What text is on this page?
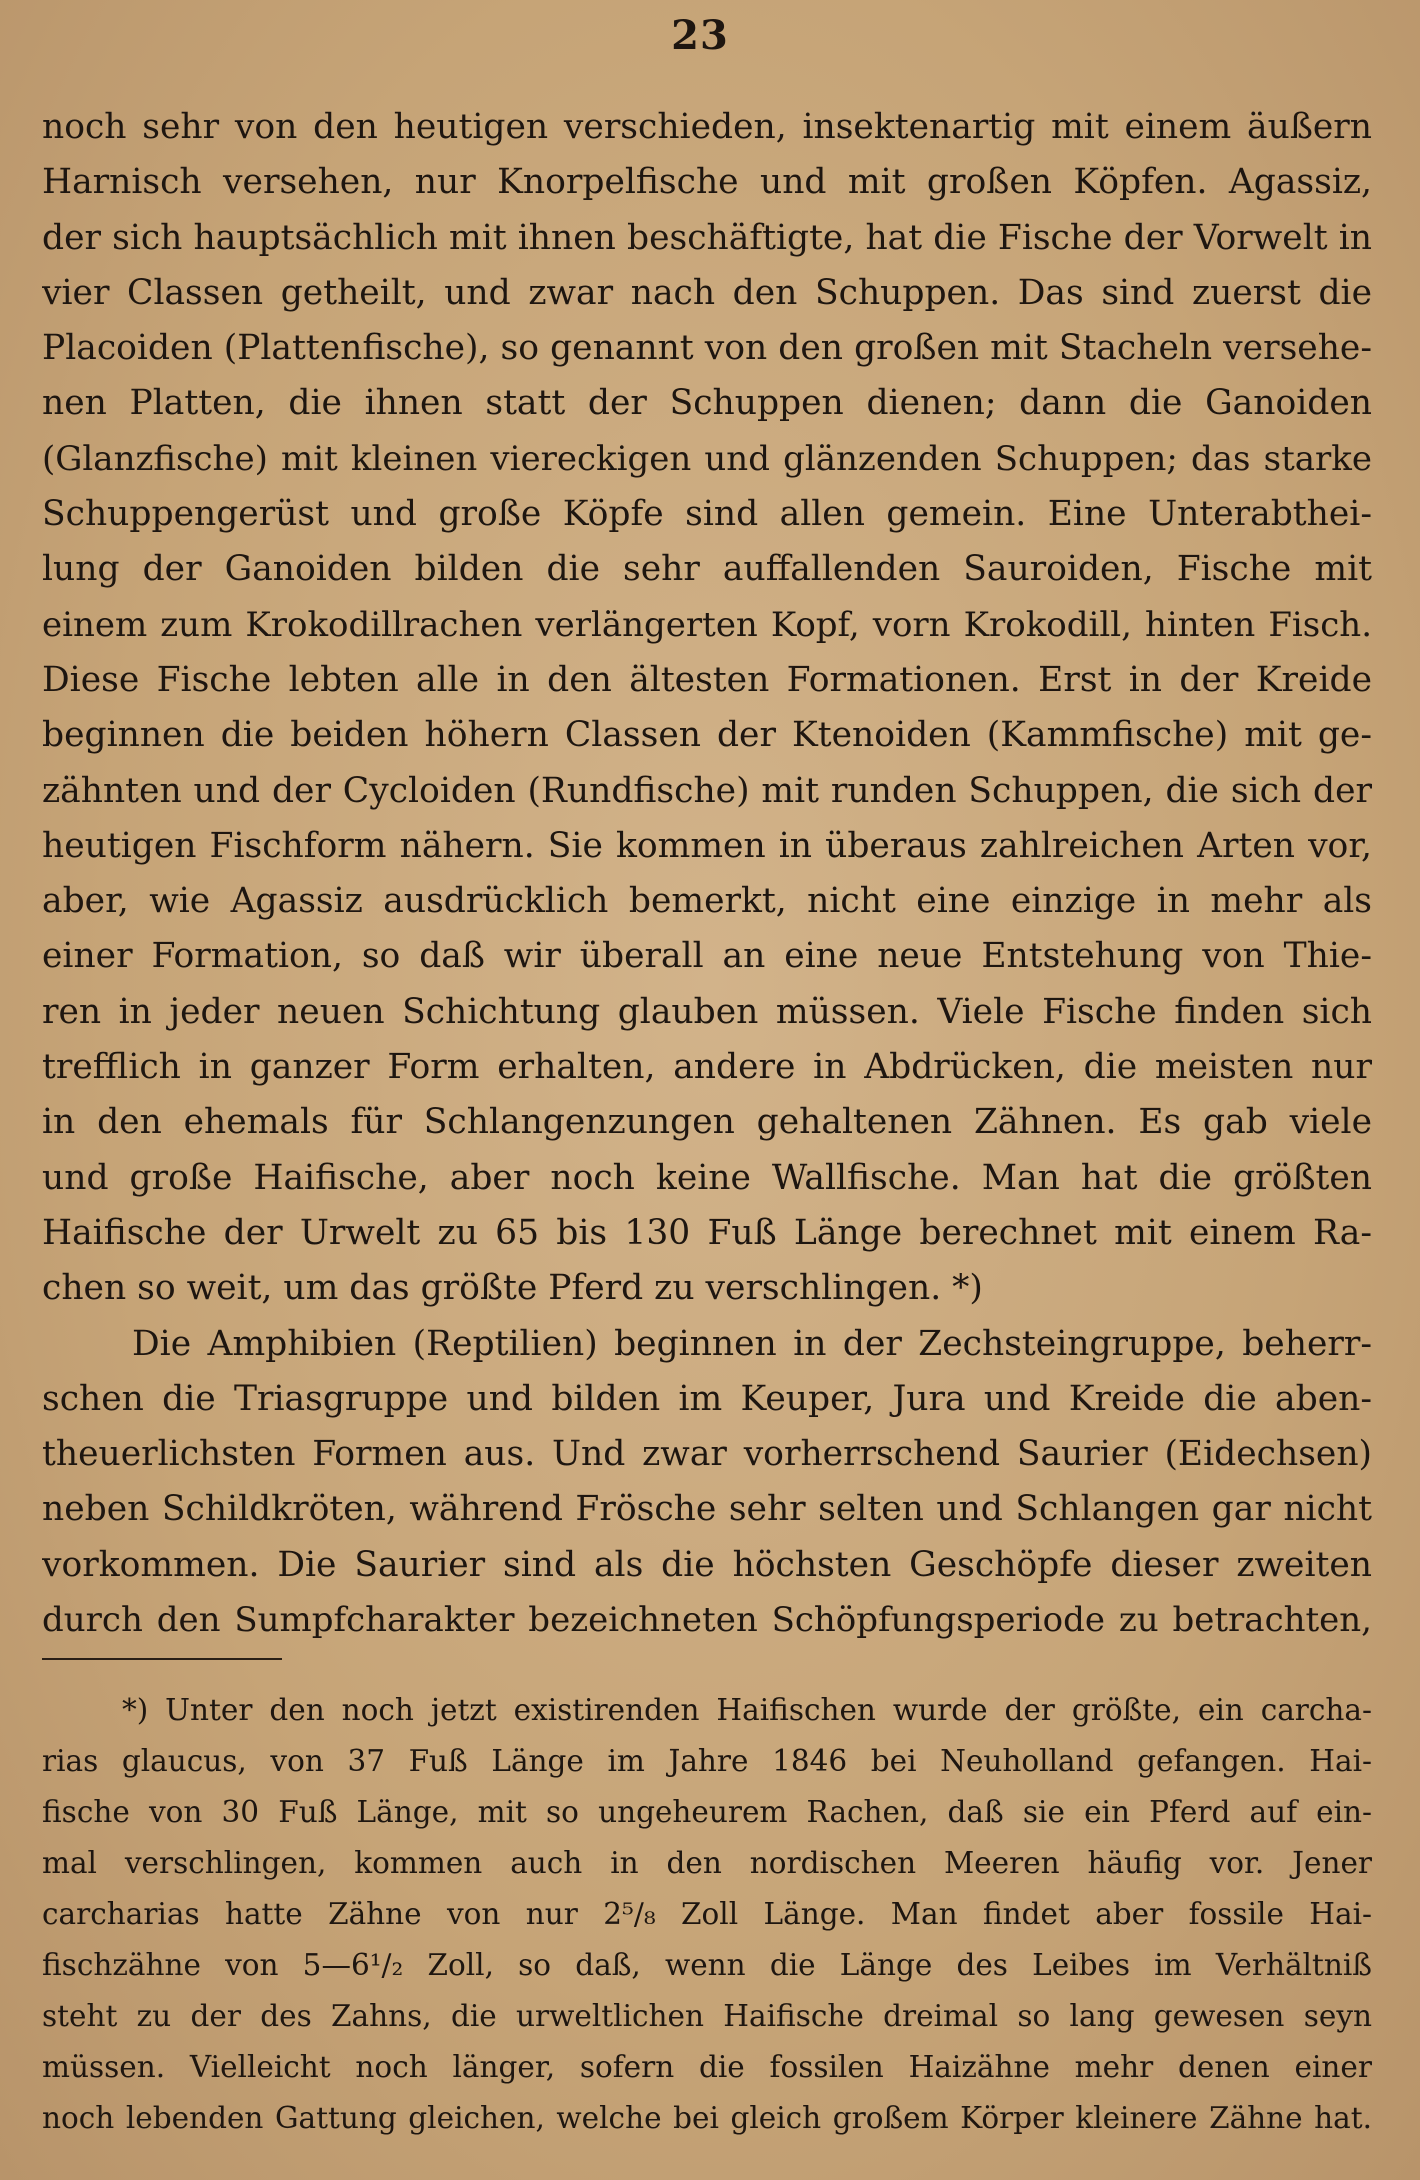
23
noch sehr von den heutigen verschieden, insektenartig mit einem äußern
Harnisch versehen, nur Knorpelfische und mit großen Köpfen. Agassiz,
der sich hauptsächlich mit ihnen beschäftigte, hat die Fische der Vorwelt in
vier Classen getheilt, und zwar nach den Schuppen. Das sind zuerst die
Placoiden (Plattenfische), so genannt von den großen mit Stacheln versehe-
nen Platten, die ihnen statt der Schuppen dienen; dann die Ganoiden
(Glanzfische) mit kleinen viereckigen und glänzenden Schuppen; das starke
Schuppengerüst und große Köpfe sind allen gemein. Eine Unterabthei-
lung der Ganoiden bilden die sehr auffallenden Sauroiden, Fische mit
einem zum Krokodillrachen verlängerten Kopf, vorn Krokodill, hinten Fisch.
Diese Fische lebten alle in den ältesten Formationen. Erst in der Kreide
beginnen die beiden höhern Classen der Ktenoiden (Kammfische) mit ge-
zähnten und der Cycloiden (Rundfische) mit runden Schuppen, die sich der
heutigen Fischform nähern. Sie kommen in überaus zahlreichen Arten vor,
aber, wie Agassiz ausdrücklich bemerkt, nicht eine einzige in mehr als
einer Formation, so daß wir überall an eine neue Entstehung von Thie-
ren in jeder neuen Schichtung glauben müssen. Viele Fische finden sich
trefflich in ganzer Form erhalten, andere in Abdrücken, die meisten nur
in den ehemals für Schlangenzungen gehaltenen Zähnen. Es gab viele
und große Haifische, aber noch keine Wallfische. Man hat die größten
Haifische der Urwelt zu 65 bis 130 Fuß Länge berechnet mit einem Ra-
chen so weit, um das größte Pferd zu verschlingen. *)
Die Amphibien (Reptilien) beginnen in der Zechsteingruppe, beherr-
schen die Triasgruppe und bilden im Keuper, Jura und Kreide die aben-
theuerlichsten Formen aus. Und zwar vorherrschend Saurier (Eidechsen)
neben Schildkröten, während Frösche sehr selten und Schlangen gar nicht
vorkommen. Die Saurier sind als die höchsten Geschöpfe dieser zweiten
durch den Sumpfcharakter bezeichneten Schöpfungsperiode zu betrachten,
*) Unter den noch jetzt existirenden Haifischen wurde der größte, ein carcha-
rias glaucus, von 37 Fuß Länge im Jahre 1846 bei Neuholland gefangen. Hai-
fische von 30 Fuß Länge, mit so ungeheurem Rachen, daß sie ein Pferd auf ein-
mal verschlingen, kommen auch in den nordischen Meeren häufig vor. Jener
carcharias hatte Zähne von nur 2⁵/₈ Zoll Länge. Man findet aber fossile Hai-
fischzähne von 5—6¹/₂ Zoll, so daß, wenn die Länge des Leibes im Verhältniß
steht zu der des Zahns, die urweltlichen Haifische dreimal so lang gewesen seyn
müssen. Vielleicht noch länger, sofern die fossilen Haizähne mehr denen einer
noch lebenden Gattung gleichen, welche bei gleich großem Körper kleinere Zähne hat.
